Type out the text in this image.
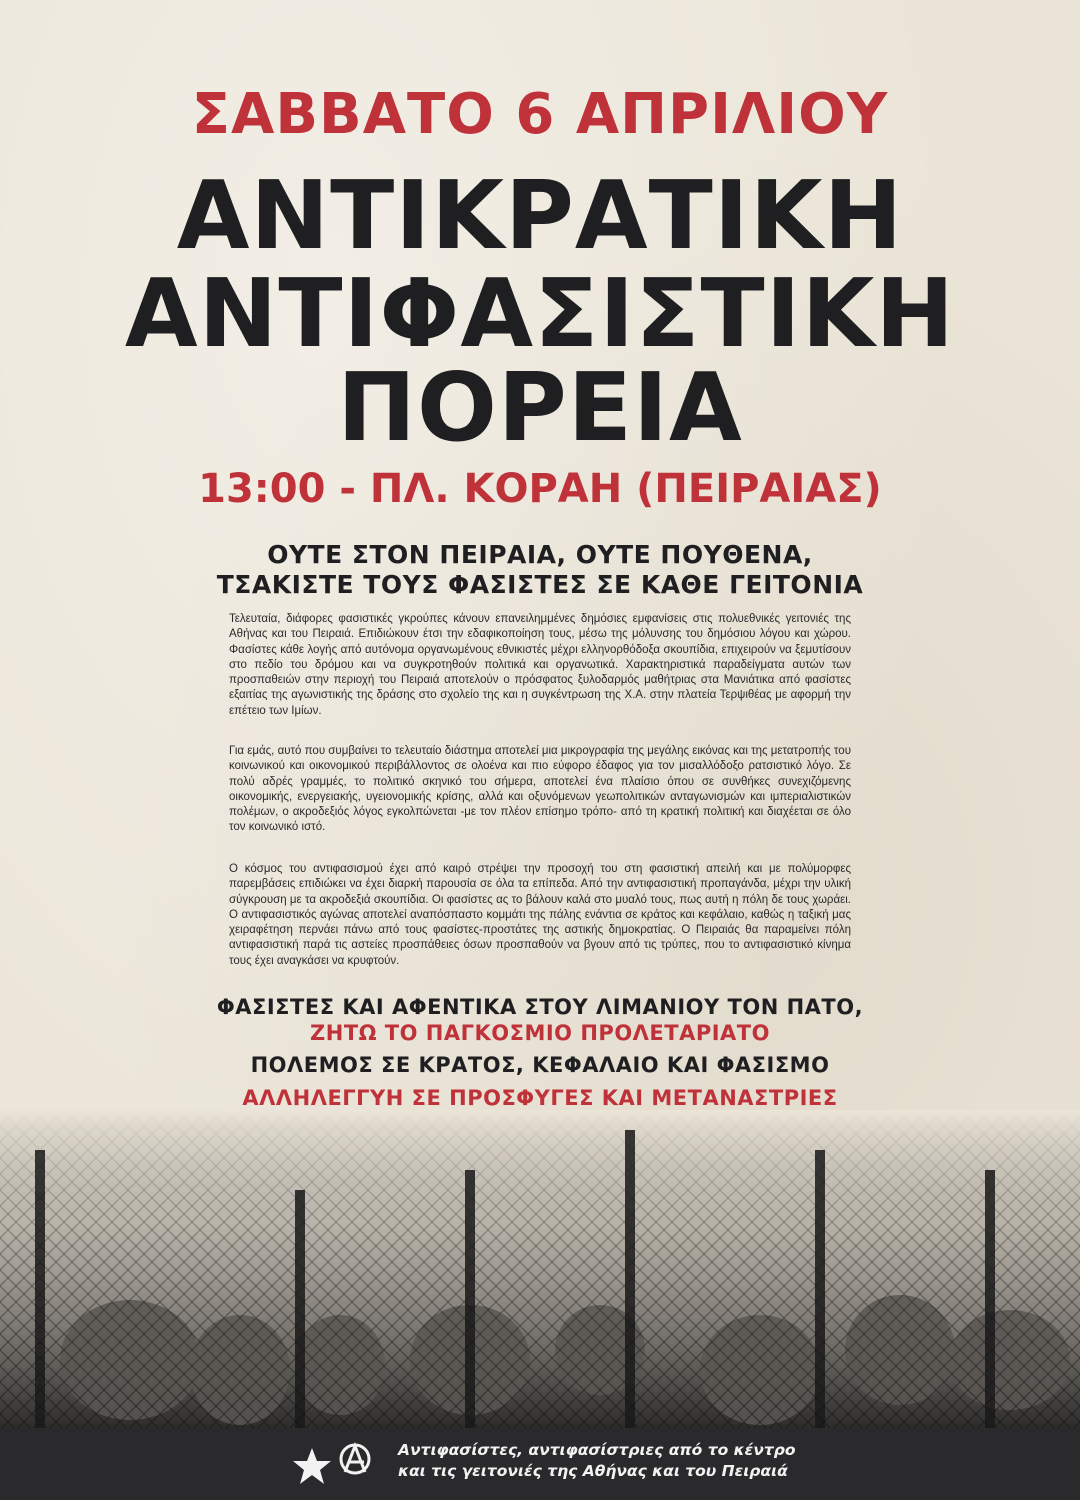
ΣΑΒΒΑΤΟ 6 ΑΠΡΙΛΙΟΥ
ΑΝΤΙΚΡΑΤΙΚΗ
ΑΝΤΙΦΑΣΙΣΤΙΚΗ
ΠΟΡΕΙΑ
13:00 - ΠΛ. ΚΟΡΑΗ (ΠΕΙΡΑΙΑΣ)
ΟΥΤΕ ΣΤΟΝ ΠΕΙΡΑΙΑ, ΟΥΤΕ ΠΟΥΘΕΝΑ,
ΤΣΑΚΙΣΤΕ ΤΟΥΣ ΦΑΣΙΣΤΕΣ ΣΕ ΚΑΘΕ ΓΕΙΤΟΝΙΑ

Τελευταία, διάφορες φασιστικές γκρούπες κάνουν επανειλημμένες δημόσιες εμφανίσεις στις πολυεθνικές γειτονιές της Αθήνας και του Πειραιά. Επιδιώκουν έτσι την εδαφικοποίηση τους, μέσω της μόλυνσης του δημόσιου λόγου και χώρου. Φασίστες κάθε λογής από αυτόνομα οργανωμένους εθνικιστές μέχρι ελληνορθόδοξα σκουπίδια, επιχειρούν να ξεμυτίσουν στο πεδίο του δρόμου και να συγκροτηθούν πολιτικά και οργανωτικά. Χαρακτηριστικά παραδείγματα αυτών των προσπαθειών στην περιοχή του Πειραιά αποτελούν ο πρόσφατος ξυλοδαρμός μαθήτριας στα Μανιάτικα από φασίστες εξαιτίας της αγωνιστικής της δράσης στο σχολείο της και η συγκέντρωση της Χ.Α. στην πλατεία Τερψιθέας με αφορμή την επέτειο των Ιμίων.

Για εμάς, αυτό που συμβαίνει το τελευταίο διάστημα αποτελεί μια μικρογραφία της μεγάλης εικόνας και της μετατροπής του κοινωνικού και οικονομικού περιβάλλοντος σε ολοένα και πιο εύφορο έδαφος για τον μισαλλόδοξο ρατσιστικό λόγο. Σε πολύ αδρές γραμμές, το πολιτικό σκηνικό του σήμερα, αποτελεί ένα πλαίσιο όπου σε συνθήκες συνεχιζόμενης οικονομικής, ενεργειακής, υγειονομικής κρίσης, αλλά και οξυνόμενων γεωπολιτικών ανταγωνισμών και ιμπεριαλιστικών πολέμων, ο ακροδεξιός λόγος εγκολπώνεται -με τον πλέον επίσημο τρόπο- από τη κρατική πολιτική και διαχέεται σε όλο τον κοινωνικό ιστό.

Ο κόσμος του αντιφασισμού έχει από καιρό στρέψει την προσοχή του στη φασιστική απειλή και με πολύμορφες παρεμβάσεις επιδιώκει να έχει διαρκή παρουσία σε όλα τα επίπεδα. Από την αντιφασιστική προπαγάνδα, μέχρι την υλική σύγκρουση με τα ακροδεξιά σκουπίδια. Οι φασίστες ας το βάλουν καλά στο μυαλό τους, πως αυτή η πόλη δε τους χωράει. Ο αντιφασιστικός αγώνας αποτελεί αναπόσπαστο κομμάτι της πάλης ενάντια σε κράτος και κεφάλαιο, καθώς η ταξική μας χειραφέτηση περνάει πάνω από τους φασίστες-προστάτες της αστικής δημοκρατίας. Ο Πειραιάς θα παραμείνει πόλη αντιφασιστική παρά τις αστείες προσπάθειες όσων προσπαθούν να βγουν από τις τρύπες, που το αντιφασιστικό κίνημα τους έχει αναγκάσει να κρυφτούν.

ΦΑΣΙΣΤΕΣ ΚΑΙ ΑΦΕΝΤΙΚΑ ΣΤΟΥ ΛΙΜΑΝΙΟΥ ΤΟΝ ΠΑΤΟ,
ΖΗΤΩ ΤΟ ΠΑΓΚΟΣΜΙΟ ΠΡΟΛΕΤΑΡΙΑΤΟ
ΠΟΛΕΜΟΣ ΣΕ ΚΡΑΤΟΣ, ΚΕΦΑΛΑΙΟ ΚΑΙ ΦΑΣΙΣΜΟ
ΑΛΛΗΛΕΓΓΥΗ ΣΕ ΠΡΟΣΦΥΓΕΣ ΚΑΙ ΜΕΤΑΝΑΣΤΡΙΕΣ
Αντιφασίστες, αντιφασίστριες από το κέντρο
και τις γειτονιές της Αθήνας και του Πειραιά
